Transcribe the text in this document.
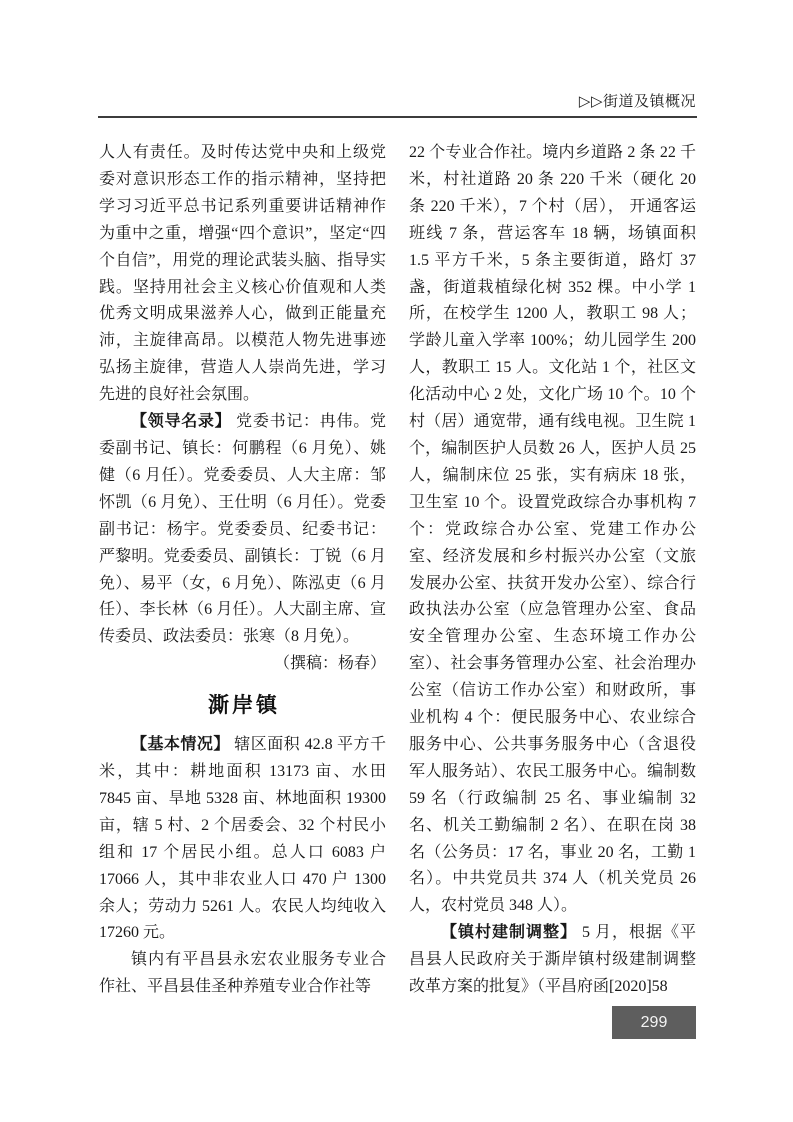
▷▷街道及镇概况

人人有责任。及时传达党中央和上级党委对意识形态工作的指示精神，坚持把学习习近平总书记系列重要讲话精神作为重中之重，增强“四个意识”，坚定“四个自信”，用党的理论武装头脑、指导实践。坚持用社会主义核心价值观和人类优秀文明成果滋养人心，做到正能量充沛，主旋律高昂。以模范人物先进事迹弘扬主旋律，营造人人崇尚先进，学习先进的良好社会氛围。

【领导名录】 党委书记：冉伟。党委副书记、镇长：何鹏程（6 月免）、姚健（6 月任）。党委委员、人大主席：邹怀凯（6 月免）、王仕明（6 月任）。党委副书记：杨宇。党委委员、纪委书记：严黎明。党委委员、副镇长：丁锐（6 月免）、易平（女，6 月免）、陈泓吏（6 月任）、李长林（6 月任）。人大副主席、宣传委员、政法委员：张寒（8 月免）。

（撰稿：杨春）

澌岸镇

【基本情况】 辖区面积 42.8 平方千米，其中：耕地面积 13173 亩、水田 7845 亩、旱地 5328 亩、林地面积 19300 亩，辖 5 村、2 个居委会、32 个村民小组和 17 个居民小组。总人口 6083 户 17066 人，其中非农业人口 470 户 1300 余人；劳动力 5261 人。农民人均纯收入 17260 元。

镇内有平昌县永宏农业服务专业合作社、平昌县佳圣种养殖专业合作社等

22 个专业合作社。境内乡道路 2 条 22 千米，村社道路 20 条 220 千米（硬化 20 条 220 千米），7 个村（居）， 开通客运班线 7 条，营运客车 18 辆，场镇面积 1.5 平方千米，5 条主要街道，路灯 37 盏，街道栽植绿化树 352 棵。中小学 1 所，在校学生 1200 人，教职工 98 人；学龄儿童入学率 100%；幼儿园学生 200 人，教职工 15 人。文化站 1 个，社区文化活动中心 2 处，文化广场 10 个。10 个村（居）通宽带，通有线电视。卫生院 1 个，编制医护人员数 26 人，医护人员 25 人，编制床位 25 张，实有病床 18 张，卫生室 10 个。设置党政综合办事机构 7 个：党政综合办公室、党建工作办公室、经济发展和乡村振兴办公室（文旅发展办公室、扶贫开发办公室）、综合行政执法办公室（应急管理办公室、食品安全管理办公室、生态环境工作办公室）、社会事务管理办公室、社会治理办公室（信访工作办公室）和财政所，事业机构 4 个：便民服务中心、农业综合服务中心、公共事务服务中心（含退役军人服务站）、农民工服务中心。编制数 59 名（行政编制 25 名、事业编制 32 名、机关工勤编制 2 名）、在职在岗 38 名（公务员：17 名，事业 20 名，工勤 1 名）。中共党员共 374 人（机关党员 26 人，农村党员 348 人）。

【镇村建制调整】 5 月，根据《平昌县人民政府关于澌岸镇村级建制调整改革方案的批复》（平昌府函[2020]58

299
